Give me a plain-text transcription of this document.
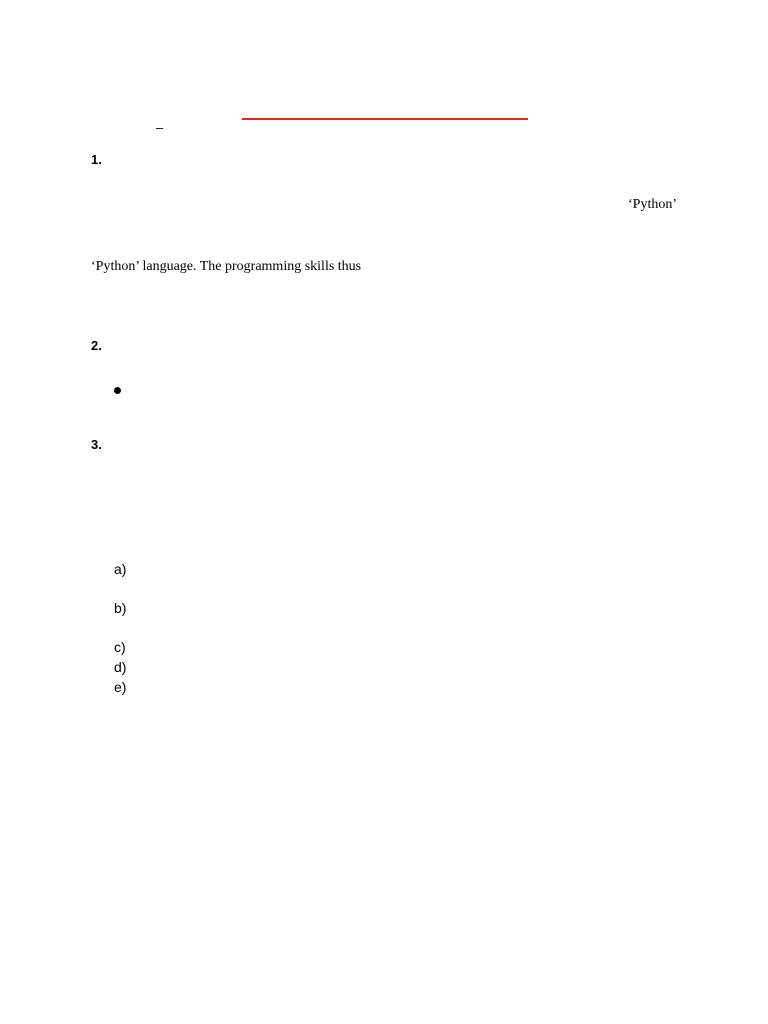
–
1.
‘Python’
‘Python’ language. The programming skills thus
2.
3.
a)
b)
c)
d)
e)
